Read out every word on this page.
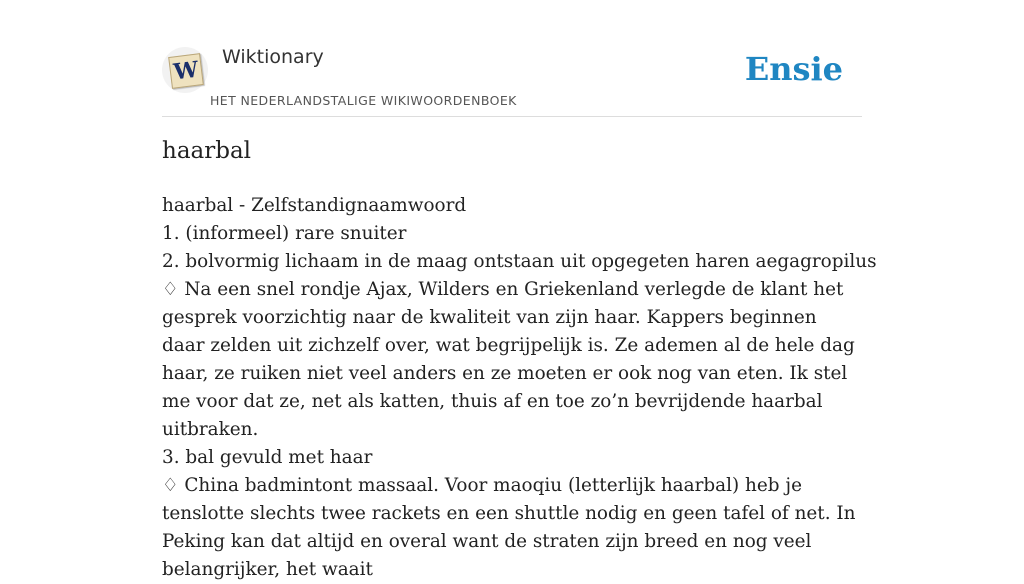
W Wiktionary
HET NEDERLANDSTALIGE WIKIWOORDENBOEK
Ensie
haarbal
haarbal - Zelfstandignaamwoord
1. (informeel) rare snuiter
2. bolvormig lichaam in de maag ontstaan uit opgegeten haren aegagropilus
♢ Na een snel rondje Ajax, Wilders en Griekenland verlegde de klant het gesprek voorzichtig naar de kwaliteit van zijn haar. Kappers beginnen daar zelden uit zichzelf over, wat begrijpelijk is. Ze ademen al de hele dag haar, ze ruiken niet veel anders en ze moeten er ook nog van eten. Ik stel me voor dat ze, net als katten, thuis af en toe zo’n bevrijdende haarbal uitbraken.
3. bal gevuld met haar
♢ China badmintont massaal. Voor maoqiu (letterlijk haarbal) heb je tenslotte slechts twee rackets en een shuttle nodig en geen tafel of net. In Peking kan dat altijd en overal want de straten zijn breed en nog veel belangrijker, het waait
